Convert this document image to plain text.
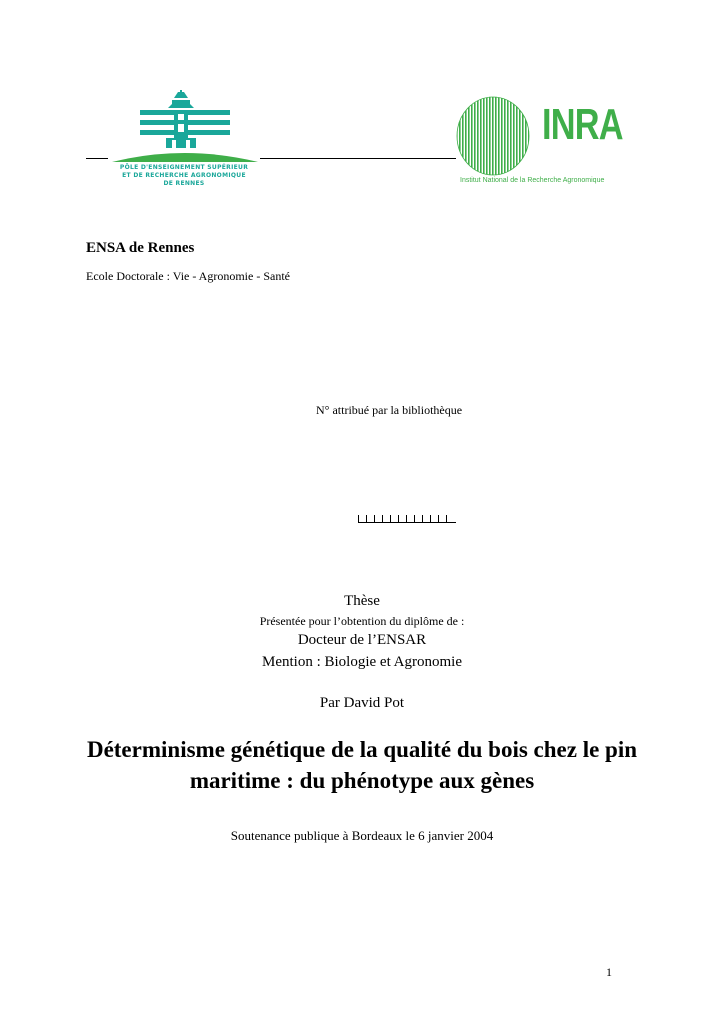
PÔLE D'ENSEIGNEMENT SUPÉRIEUR
ET DE RECHERCHE AGRONOMIQUE
DE RENNES
INRA
Institut National de la Recherche Agronomique
ENSA de Rennes
Ecole Doctorale : Vie - Agronomie - Santé
N° attribué par la bibliothèque
Thèse
Présentée pour l’obtention du diplôme de :
Docteur de l’ENSAR
Mention : Biologie et Agronomie
Par David Pot
Déterminisme génétique de la qualité du bois chez le pin
maritime : du phénotype aux gènes
Soutenance publique à Bordeaux le 6 janvier 2004
1
